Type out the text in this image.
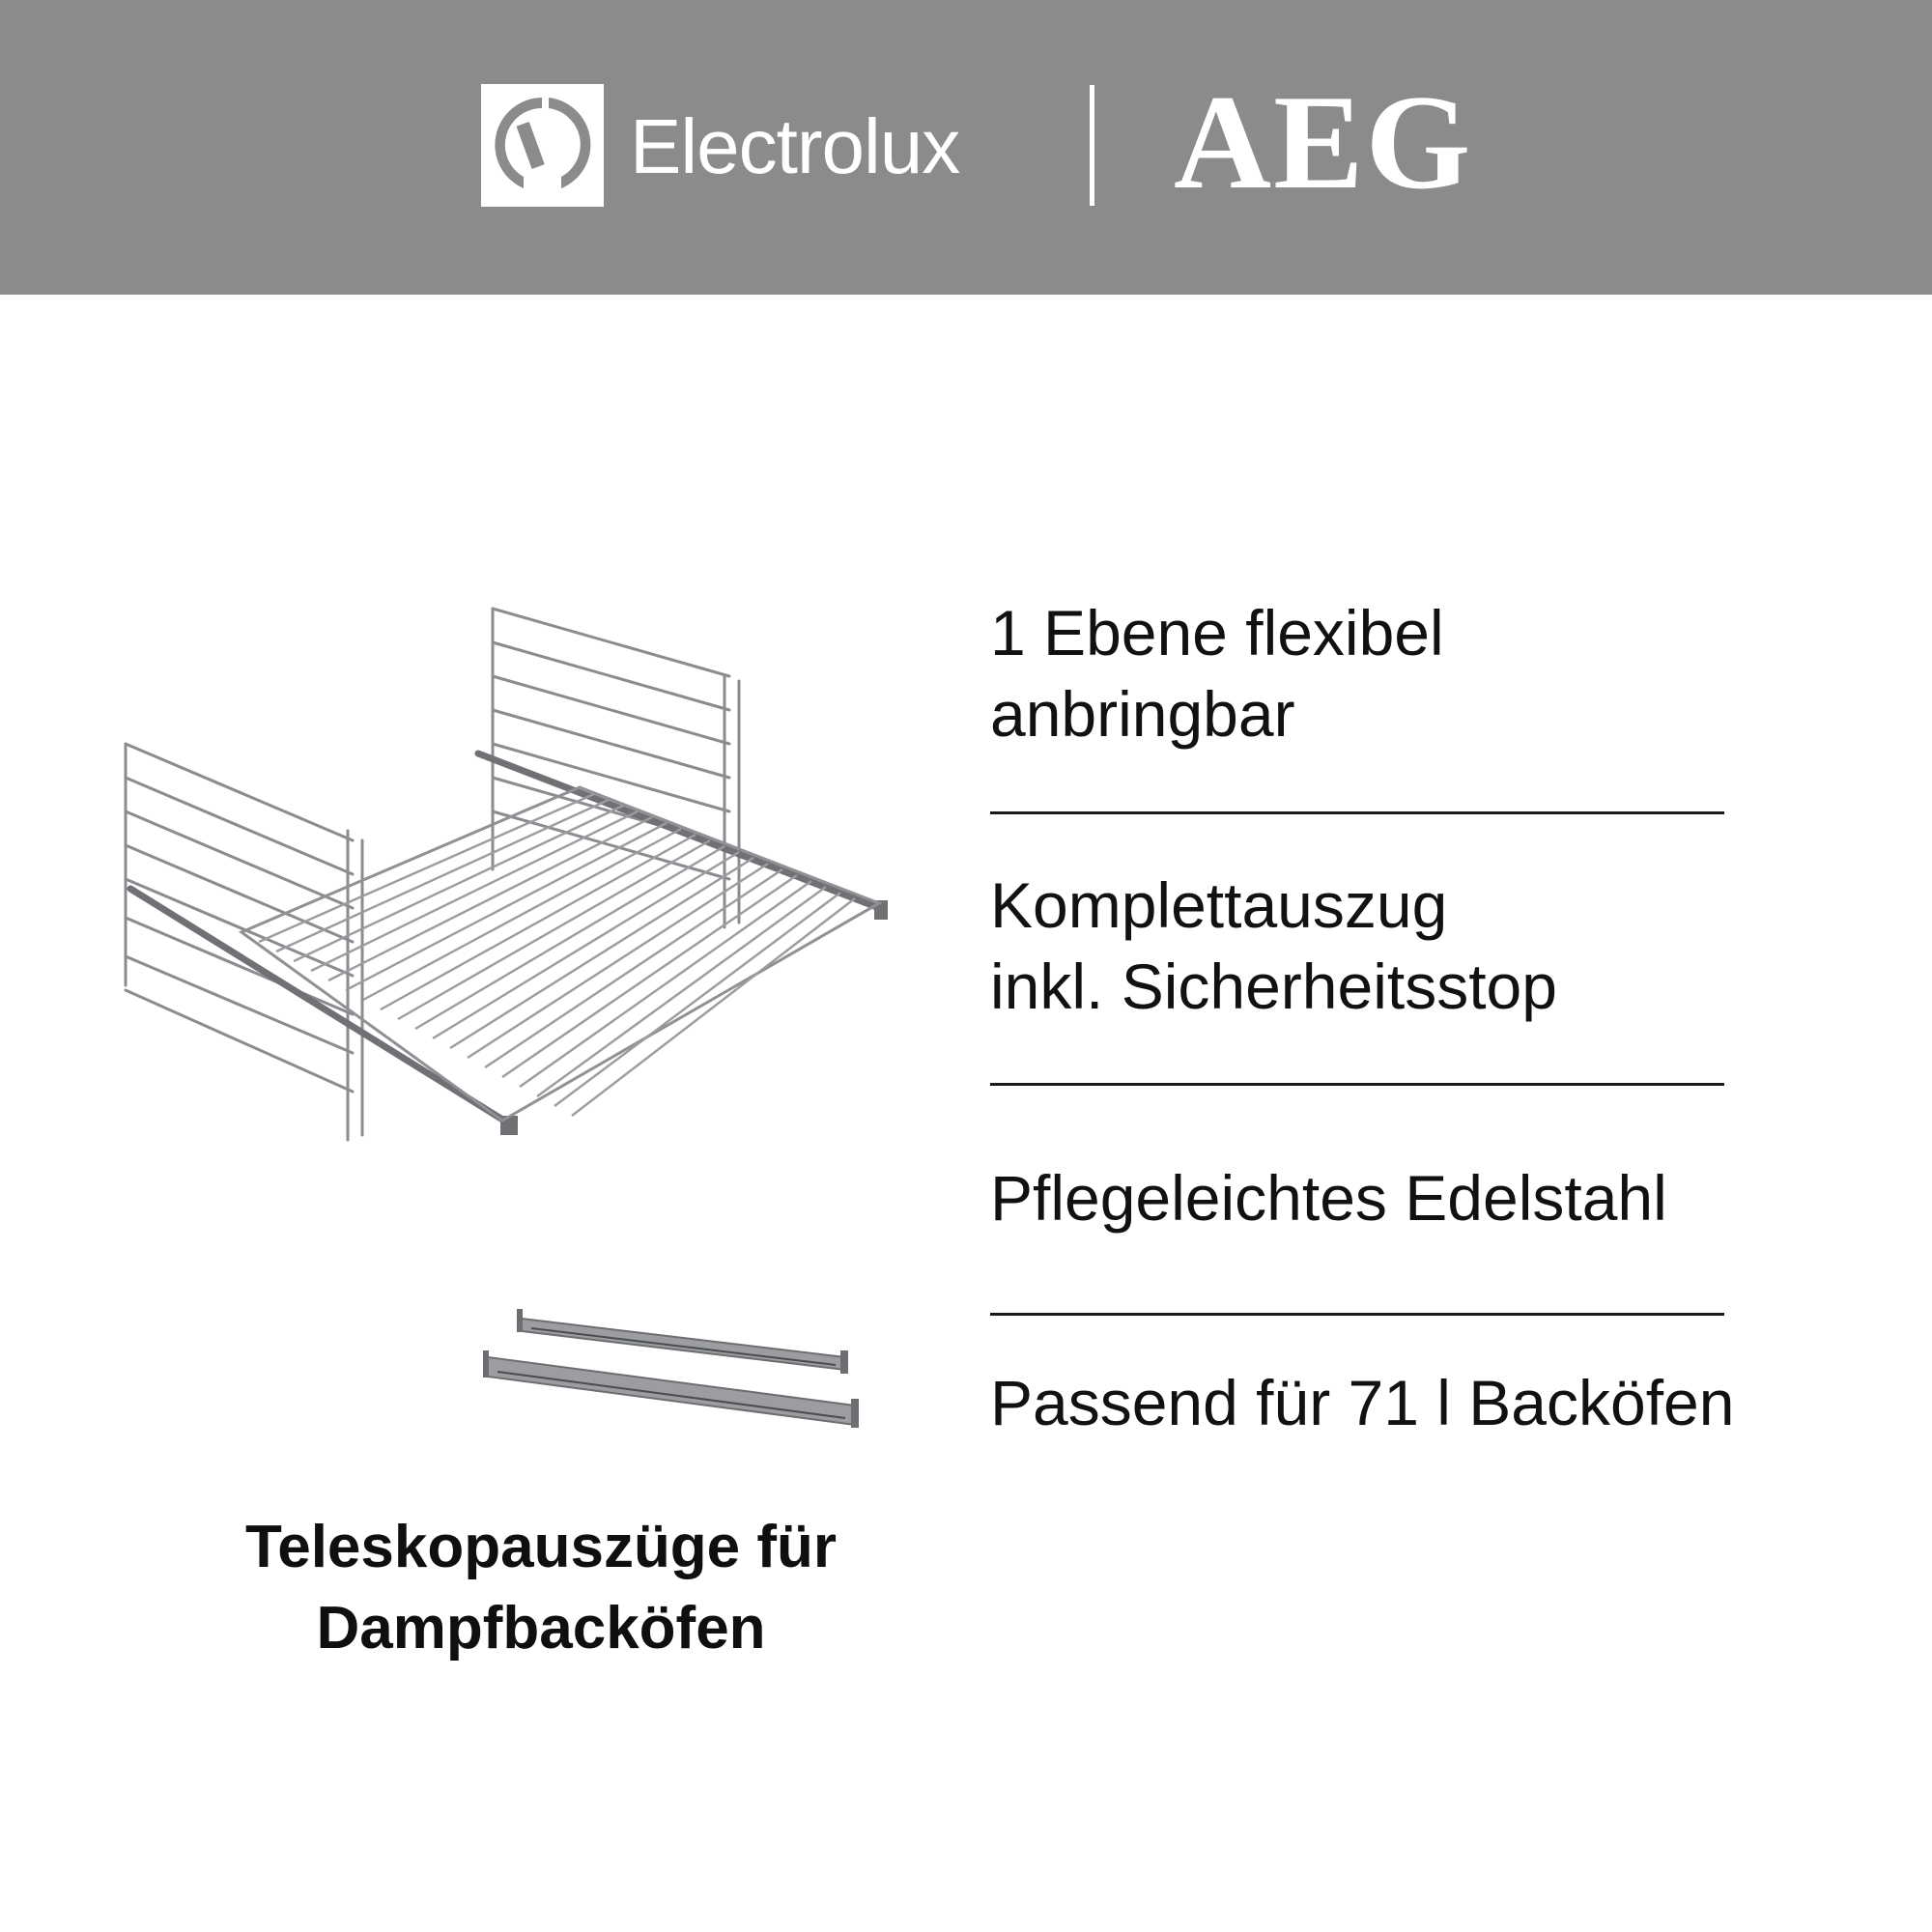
Electrolux AEG
Teleskopauszüge für
Dampfbacköfen
1 Ebene flexibel
anbringbar
Komplettauszug
inkl. Sicherheitsstop
Pflegeleichtes Edelstahl
Passend für 71 l Backöfen
